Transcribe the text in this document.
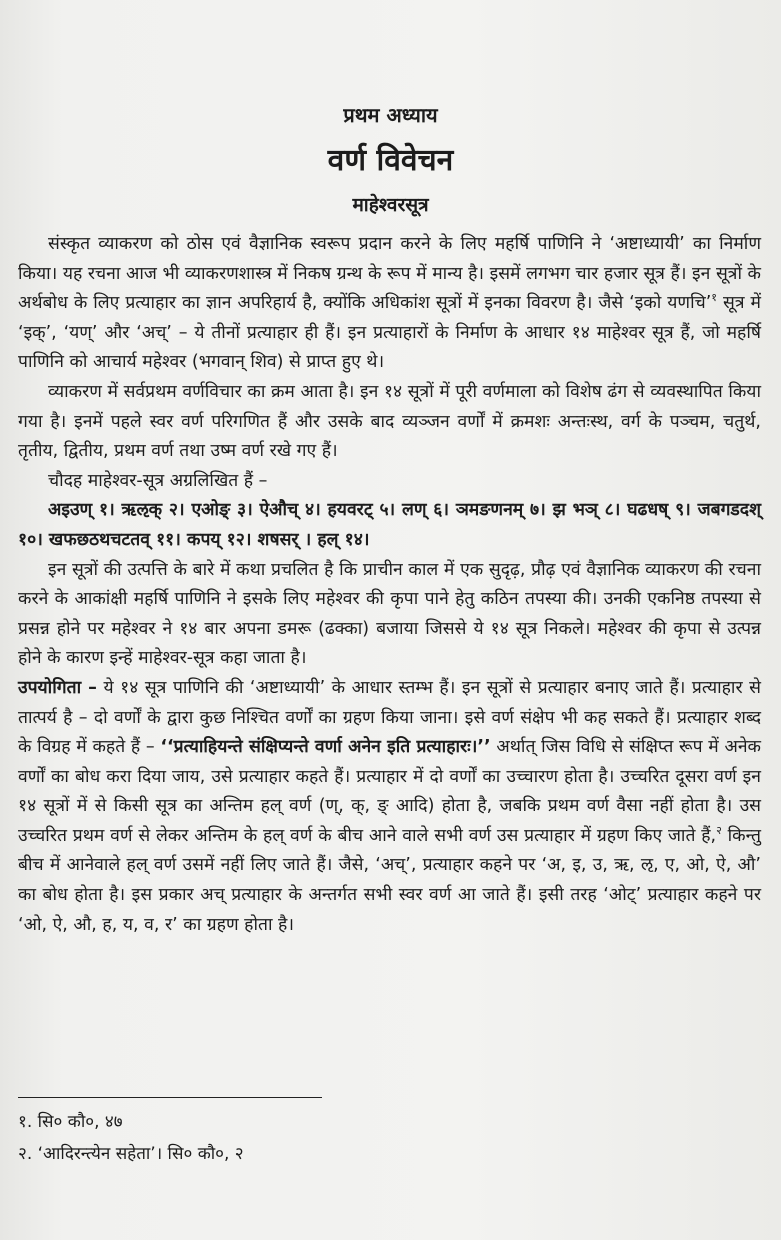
प्रथम अध्याय
वर्ण विवेचन
माहेश्वरसूत्र

संस्कृत व्याकरण को ठोस एवं वैज्ञानिक स्वरूप प्रदान करने के लिए महर्षि पाणिनि ने ‘अष्टाध्यायी’ का निर्माण किया। यह रचना आज भी व्याकरणशास्त्र में निकष ग्रन्थ के रूप में मान्य है। इसमें लगभग चार हजार सूत्र हैं। इन सूत्रों के अर्थबोध के लिए प्रत्याहार का ज्ञान अपरिहार्य है, क्योंकि अधिकांश सूत्रों में इनका विवरण है। जैसे ‘इको यणचि’$^१$ सूत्र में ‘इक्’, ‘यण्’ और ‘अच्’ – ये तीनों प्रत्याहार ही हैं। इन प्रत्याहारों के निर्माण के आधार १४ माहेश्वर सूत्र हैं, जो महर्षि पाणिनि को आचार्य महेश्वर (भगवान् शिव) से प्राप्त हुए थे।

व्याकरण में सर्वप्रथम वर्णविचार का क्रम आता है। इन १४ सूत्रों में पूरी वर्णमाला को विशेष ढंग से व्यवस्थापित किया गया है। इनमें पहले स्वर वर्ण परिगणित हैं और उसके बाद व्यञ्जन वर्णों में क्रमशः अन्तःस्थ, वर्ग के पञ्चम, चतुर्थ, तृतीय, द्वितीय, प्रथम वर्ण तथा उष्म वर्ण रखे गए हैं।

चौदह माहेश्वर-सूत्र अग्रलिखित हैं –

अइउण् १। ऋऌक् २। एओङ् ३। ऐऔच् ४। हयवरट् ५। लण् ६। ञमङणनम् ७। झ भञ् ८। घढधष् ९। जबगडदश् १०। खफछठथचटतव् ११। कपय् १२। शषसर् । हल् १४।

इन सूत्रों की उत्पत्ति के बारे में कथा प्रचलित है कि प्राचीन काल में एक सुदृढ़, प्रौढ़ एवं वैज्ञानिक व्याकरण की रचना करने के आकांक्षी महर्षि पाणिनि ने इसके लिए महेश्वर की कृपा पाने हेतु कठिन तपस्या की। उनकी एकनिष्ठ तपस्या से प्रसन्न होने पर महेश्वर ने १४ बार अपना डमरू (ढक्का) बजाया जिससे ये १४ सूत्र निकले। महेश्वर की कृपा से उत्पन्न होने के कारण इन्हें माहेश्वर-सूत्र कहा जाता है।

उपयोगिता – ये १४ सूत्र पाणिनि की ‘अष्टाध्यायी’ के आधार स्तम्भ हैं। इन सूत्रों से प्रत्याहार बनाए जाते हैं। प्रत्याहार से तात्पर्य है – दो वर्णों के द्वारा कुछ निश्चित वर्णों का ग्रहण किया जाना। इसे वर्ण संक्षेप भी कह सकते हैं। प्रत्याहार शब्द के विग्रह में कहते हैं – ‘‘प्रत्याहियन्ते संक्षिप्यन्ते वर्णा अनेन इति प्रत्याहारः।’’ अर्थात् जिस विधि से संक्षिप्त रूप में अनेक वर्णों का बोध करा दिया जाय, उसे प्रत्याहार कहते हैं। प्रत्याहार में दो वर्णों का उच्चारण होता है। उच्चरित दूसरा वर्ण इन १४ सूत्रों में से किसी सूत्र का अन्तिम हल् वर्ण (ण्, क्, ङ् आदि) होता है, जबकि प्रथम वर्ण वैसा नहीं होता है। उस उच्चरित प्रथम वर्ण से लेकर अन्तिम के हल् वर्ण के बीच आने वाले सभी वर्ण उस प्रत्याहार में ग्रहण किए जाते हैं,$^२$ किन्तु बीच में आनेवाले हल् वर्ण उसमें नहीं लिए जाते हैं। जैसे, ‘अच्’, प्रत्याहार कहने पर ‘अ, इ, उ, ऋ, ऌ, ए, ओ, ऐ, औ’ का बोध होता है। इस प्रकार अच् प्रत्याहार के अन्तर्गत सभी स्वर वर्ण आ जाते हैं। इसी तरह ‘ओट्’ प्रत्याहार कहने पर ‘ओ, ऐ, औ, ह, य, व, र’ का ग्रहण होता है।

१. सि० कौ०, ४७
२. ‘आदिरन्त्येन सहेता’। सि० कौ०, २
